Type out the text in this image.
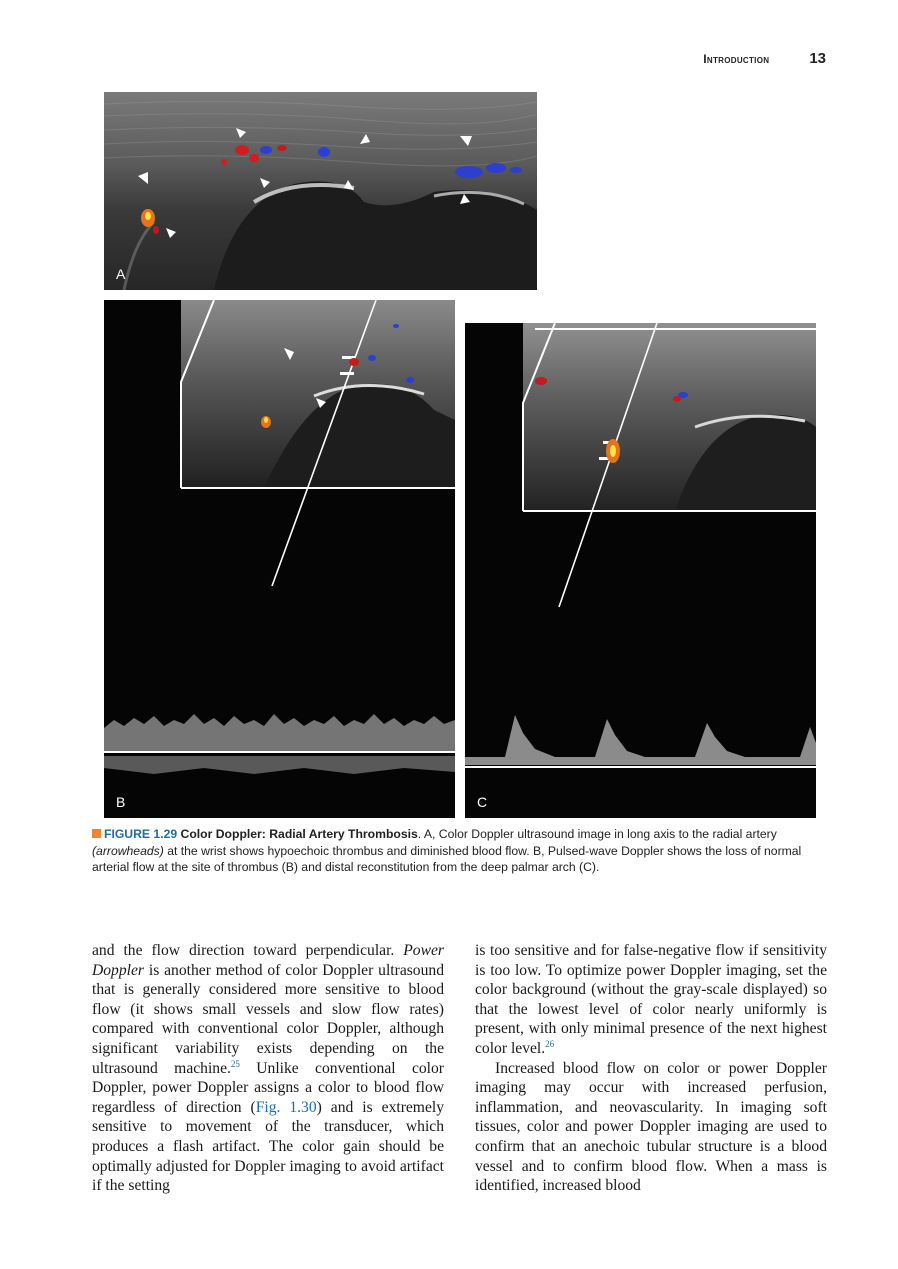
Introduction	13
A
B	C
FIGURE 1.29 Color Doppler: Radial Artery Thrombosis. A, Color Doppler ultrasound image in long axis to the radial artery (arrowheads) at the wrist shows hypoechoic thrombus and diminished blood flow. B, Pulsed-wave Doppler shows the loss of normal arterial flow at the site of thrombus (B) and distal reconstitution from the deep palmar arch (C).

and the flow direction toward perpendicular. Power Doppler is another method of color Doppler ultrasound that is generally considered more sensitive to blood flow (it shows small vessels and slow flow rates) compared with conventional color Doppler, although significant variability exists depending on the ultrasound machine.$^{25}$ Unlike conventional color Doppler, power Doppler assigns a color to blood flow regardless of direction (Fig. 1.30) and is extremely sensitive to movement of the transducer, which produces a flash artifact. The color gain should be optimally adjusted for Doppler imaging to avoid artifact if the setting

is too sensitive and for false-negative flow if sensitivity is too low. To optimize power Doppler imaging, set the color background (without the gray-scale displayed) so that the lowest level of color nearly uniformly is present, with only minimal presence of the next highest color level.$^{26}$

Increased blood flow on color or power Doppler imaging may occur with increased perfusion, inflammation, and neovascularity. In imaging soft tissues, color and power Doppler imaging are used to confirm that an anechoic tubular structure is a blood vessel and to confirm blood flow. When a mass is identified, increased blood
